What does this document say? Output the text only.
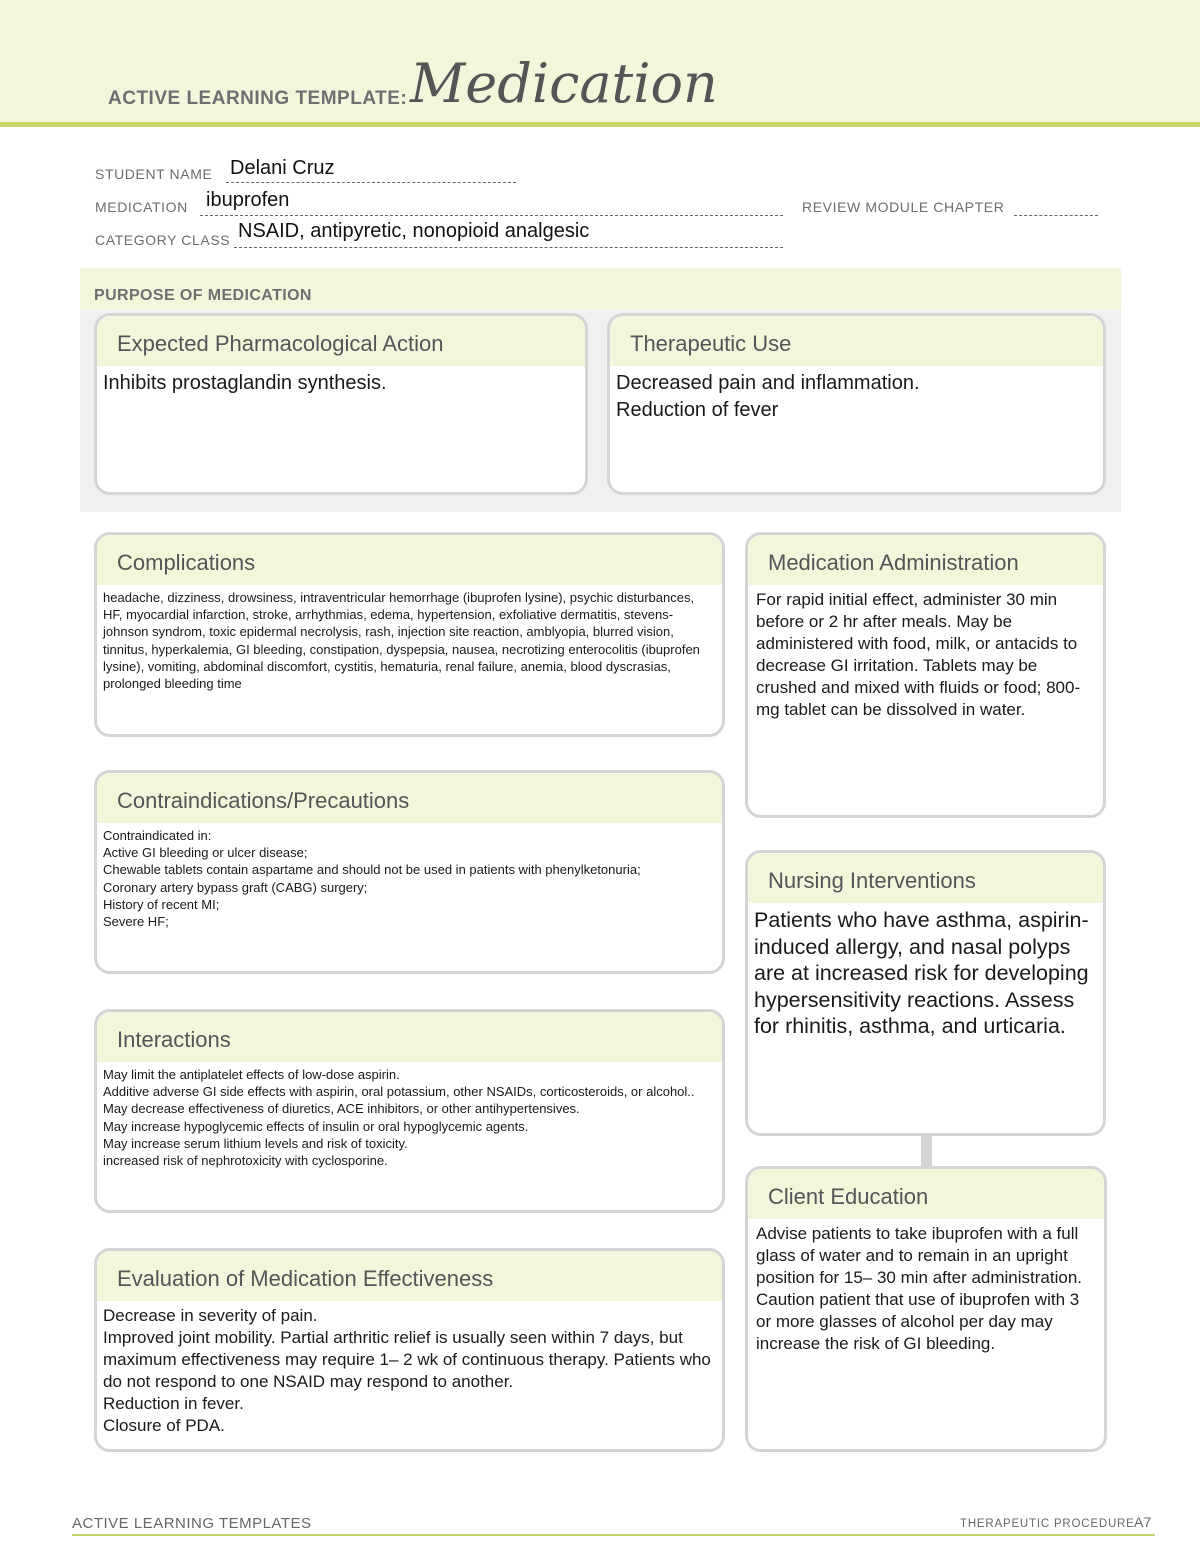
ACTIVE LEARNING TEMPLATE: Medication
STUDENT NAME Delani Cruz
MEDICATION ibuprofen	REVIEW MODULE CHAPTER
CATEGORY CLASS NSAID, antipyretic, nonopioid analgesic
PURPOSE OF MEDICATION
Expected Pharmacological Action
Inhibits prostaglandin synthesis.
Therapeutic Use
Decreased pain and inflammation.
Reduction of fever
Complications
headache, dizziness, drowsiness, intraventricular hemorrhage (ibuprofen lysine), psychic disturbances, HF, myocardial infarction, stroke, arrhythmias, edema, hypertension, exfoliative dermatitis, stevens-johnson syndrom, toxic epidermal necrolysis, rash, injection site reaction, amblyopia, blurred vision, tinnitus, hyperkalemia, GI bleeding, constipation, dyspepsia, nausea, necrotizing enterocolitis (ibuprofen lysine), vomiting, abdominal discomfort, cystitis, hematuria, renal failure, anemia, blood dyscrasias, prolonged bleeding time
Contraindications/Precautions
Contraindicated in:
Active GI bleeding or ulcer disease;
Chewable tablets contain aspartame and should not be used in patients with phenylketonuria;
Coronary artery bypass graft (CABG) surgery;
History of recent MI;
Severe HF;
Interactions
May limit the antiplatelet effects of low-dose aspirin.
Additive adverse GI side effects with aspirin, oral potassium, other NSAIDs, corticosteroids, or alcohol..
May decrease effectiveness of diuretics, ACE inhibitors, or other antihypertensives.
May increase hypoglycemic effects of insulin or oral hypoglycemic agents.
May increase serum lithium levels and risk of toxicity.
increased risk of nephrotoxicity with cyclosporine.
Evaluation of Medication Effectiveness
Decrease in severity of pain.
Improved joint mobility. Partial arthritic relief is usually seen within 7 days, but maximum effectiveness may require 1– 2 wk of continuous therapy. Patients who do not respond to one NSAID may respond to another.
Reduction in fever.
Closure of PDA.
Medication Administration
For rapid initial effect, administer 30 min before or 2 hr after meals. May be administered with food, milk, or antacids to decrease GI irritation. Tablets may be crushed and mixed with fluids or food; 800-mg tablet can be dissolved in water.
Nursing Interventions
Patients who have asthma, aspirin-induced allergy, and nasal polyps are at increased risk for developing hypersensitivity reactions. Assess for rhinitis, asthma, and urticaria.
Client Education
Advise patients to take ibuprofen with a full glass of water and to remain in an upright position for 15– 30 min after administration.
Caution patient that use of ibuprofen with 3 or more glasses of alcohol per day may increase the risk of GI bleeding.
ACTIVE LEARNING TEMPLATES	THERAPEUTIC PROCEDURE A7
